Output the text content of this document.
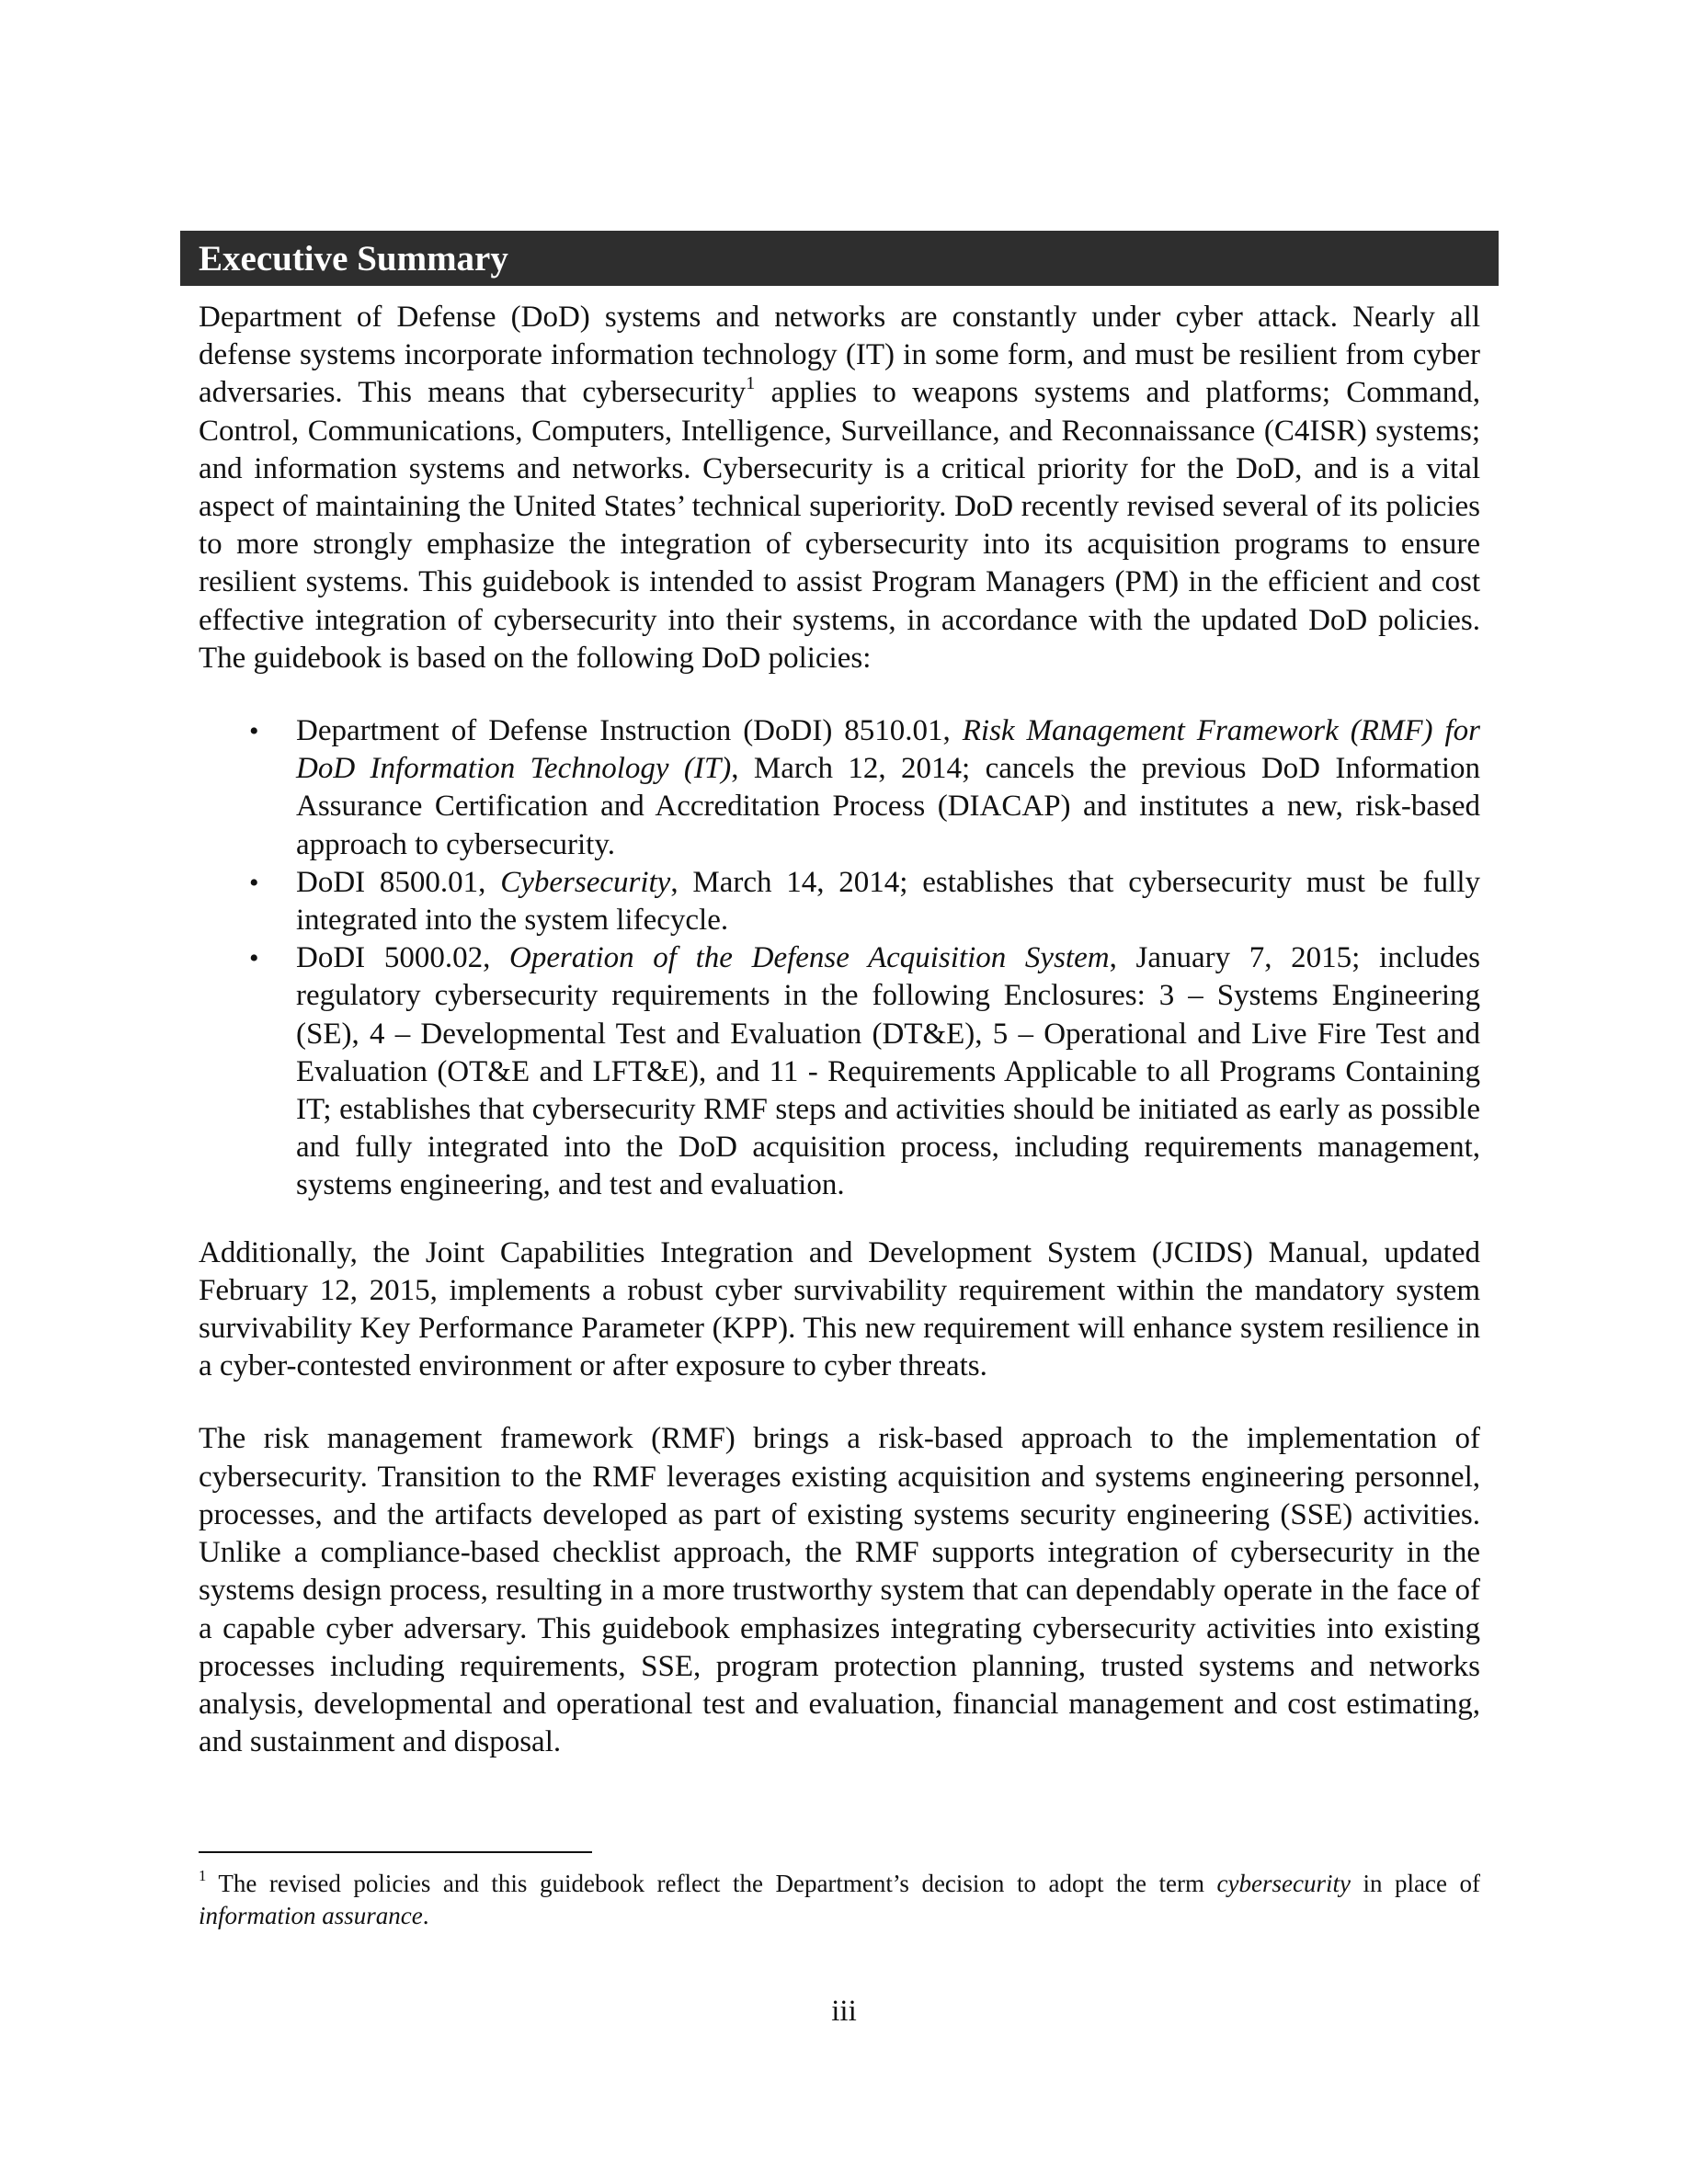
Executive Summary

Department of Defense (DoD) systems and networks are constantly under cyber attack. Nearly all defense systems incorporate information technology (IT) in some form, and must be resilient from cyber adversaries. This means that cybersecurity$^1$ applies to weapons systems and platforms; Command, Control, Communications, Computers, Intelligence, Surveillance, and Reconnaissance (C4ISR) systems; and information systems and networks. Cybersecurity is a critical priority for the DoD, and is a vital aspect of maintaining the United States’ technical superiority. DoD recently revised several of its policies to more strongly emphasize the integration of cybersecurity into its acquisition programs to ensure resilient systems. This guidebook is intended to assist Program Managers (PM) in the efficient and cost effective integration of cybersecurity into their systems, in accordance with the updated DoD policies. The guidebook is based on the following DoD policies:

• Department of Defense Instruction (DoDI) 8510.01, Risk Management Framework (RMF) for DoD Information Technology (IT), March 12, 2014; cancels the previous DoD Information Assurance Certification and Accreditation Process (DIACAP) and institutes a new, risk-based approach to cybersecurity.
• DoDI 8500.01, Cybersecurity, March 14, 2014; establishes that cybersecurity must be fully integrated into the system lifecycle.
• DoDI 5000.02, Operation of the Defense Acquisition System, January 7, 2015; includes regulatory cybersecurity requirements in the following Enclosures: 3 – Systems Engineering (SE), 4 – Developmental Test and Evaluation (DT&E), 5 – Operational and Live Fire Test and Evaluation (OT&E and LFT&E), and 11 - Requirements Applicable to all Programs Containing IT; establishes that cybersecurity RMF steps and activities should be initiated as early as possible and fully integrated into the DoD acquisition process, including requirements management, systems engineering, and test and evaluation.

Additionally, the Joint Capabilities Integration and Development System (JCIDS) Manual, updated February 12, 2015, implements a robust cyber survivability requirement within the mandatory system survivability Key Performance Parameter (KPP). This new requirement will enhance system resilience in a cyber-contested environment or after exposure to cyber threats.

The risk management framework (RMF) brings a risk-based approach to the implementation of cybersecurity. Transition to the RMF leverages existing acquisition and systems engineering personnel, processes, and the artifacts developed as part of existing systems security engineering (SSE) activities. Unlike a compliance-based checklist approach, the RMF supports integration of cybersecurity in the systems design process, resulting in a more trustworthy system that can dependably operate in the face of a capable cyber adversary. This guidebook emphasizes integrating cybersecurity activities into existing processes including requirements, SSE, program protection planning, trusted systems and networks analysis, developmental and operational test and evaluation, financial management and cost estimating, and sustainment and disposal.

$^1$ The revised policies and this guidebook reflect the Department’s decision to adopt the term cybersecurity in place of information assurance.
iii
